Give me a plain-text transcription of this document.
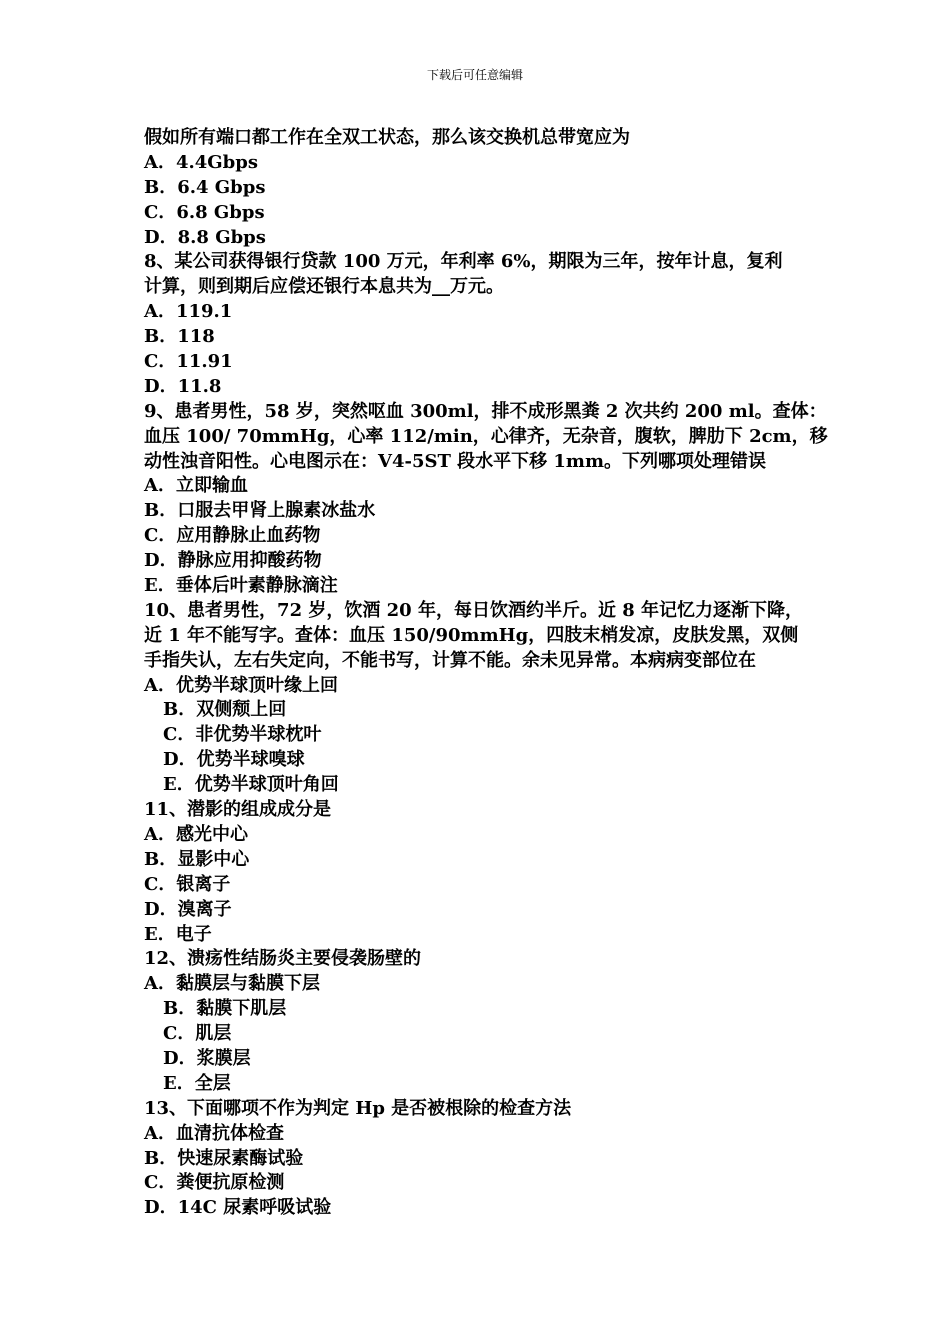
下载后可任意编辑
假如所有端口都工作在全双工状态，那么该交换机总带宽应为
A．4.4Gbps
B．6.4 Gbps
C．6.8 Gbps
D．8.8 Gbps
8、某公司获得银行贷款 100 万元，年利率 6%，期限为三年，按年计息，复利
计算，则到期后应偿还银行本息共为__万元。
A．119.1
B．118
C．11.91
D．11.8
9、患者男性，58 岁，突然呕血 300ml，排不成形黑粪 2 次共约 200 ml。查体：
血压 100/ 70mmHg，心率 112/min，心律齐，无杂音，腹软，脾肋下 2cm，移
动性浊音阳性。心电图示在：V4-5ST 段水平下移 1mm。下列哪项处理错误
A．立即输血
B．口服去甲肾上腺素冰盐水
C．应用静脉止血药物
D．静脉应用抑酸药物
E．垂体后叶素静脉滴注
10、患者男性，72 岁，饮酒 20 年，每日饮酒约半斤。近 8 年记忆力逐渐下降，
近 1 年不能写字。查体：血压 150/90mmHg，四肢末梢发凉，皮肤发黑，双侧
手指失认，左右失定向，不能书写，计算不能。余未见异常。本病病变部位在
A．优势半球顶叶缘上回
B．双侧颓上回
C．非优势半球枕叶
D．优势半球嗅球
E．优势半球顶叶角回
11、潜影的组成成分是
A．感光中心
B．显影中心
C．银离子
D．溴离子
E．电子
12、溃疡性结肠炎主要侵袭肠壁的
A．黏膜层与黏膜下层
B．黏膜下肌层
C．肌层
D．浆膜层
E．全层
13、下面哪项不作为判定 Hp 是否被根除的检查方法
A．血清抗体检查
B．快速尿素酶试验
C．粪便抗原检测
D．14C 尿素呼吸试验
